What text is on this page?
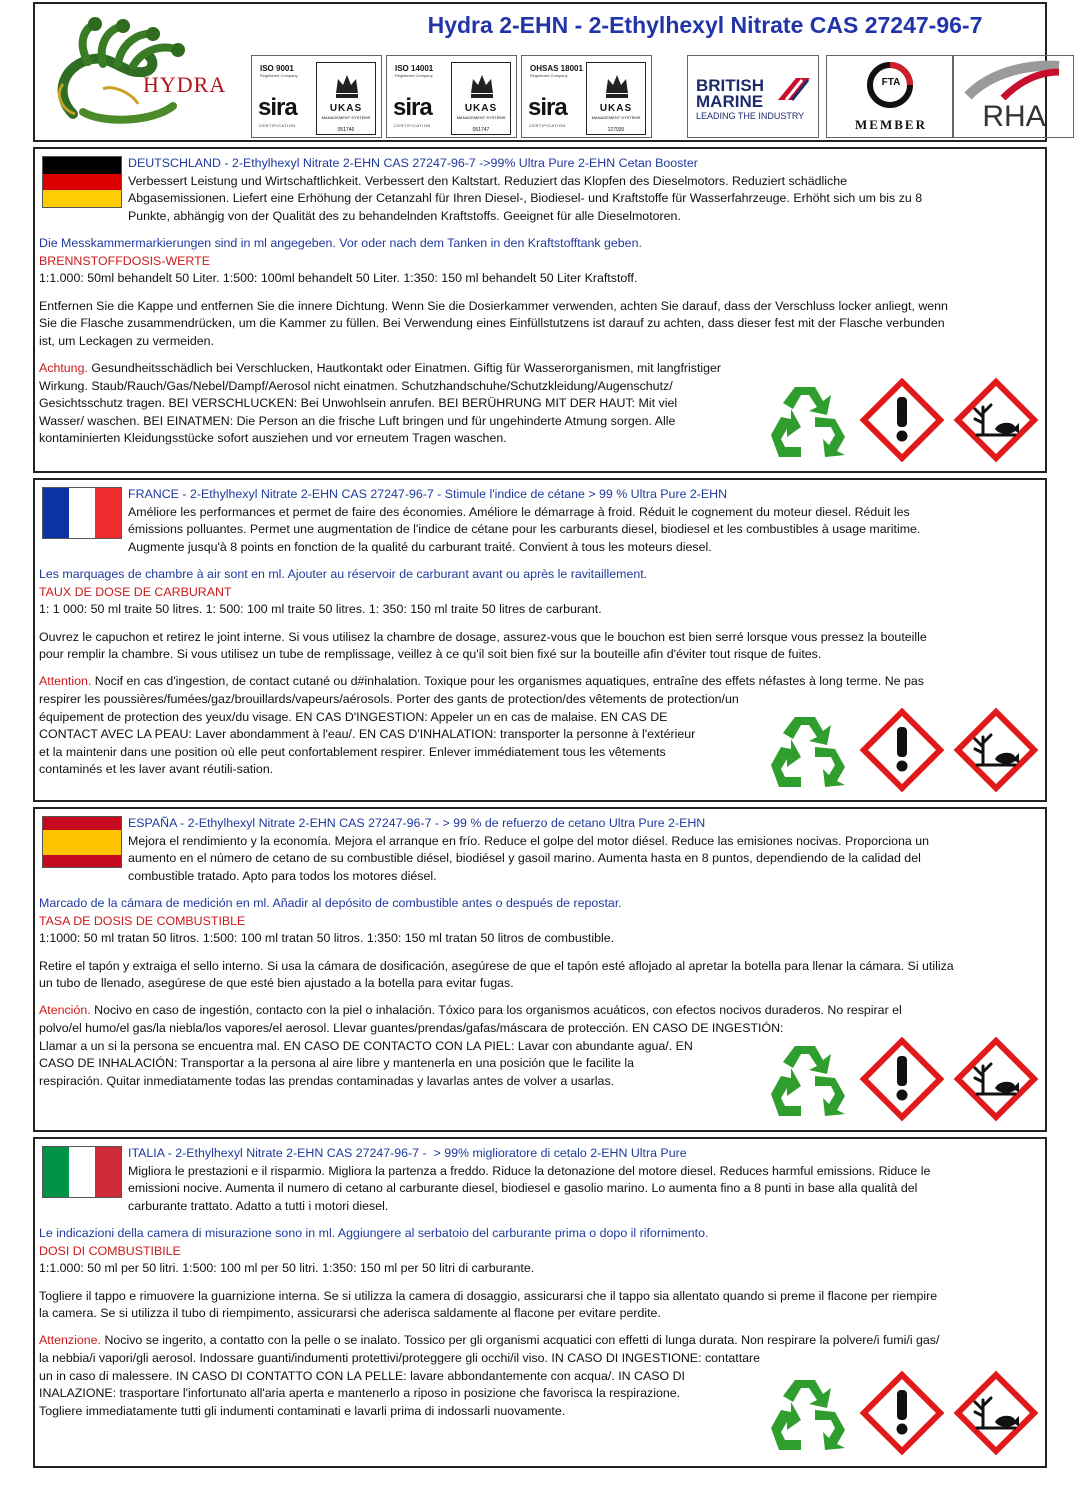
HYDRA
Hydra 2-EHN - 2-Ethylhexyl Nitrate CAS 27247-96-7
ISO 9001
Registered Company
sira
CERTIFICATION
UKAS
MANAGEMENT SYSTEMS
051746
ISO 14001
Registered Company
sira
CERTIFICATION
UKAS
MANAGEMENT SYSTEMS
051747
OHSAS 18001
Registered Company
sira
CERTIFICATION
UKAS
MANAGEMENT SYSTEMS
127930
BRITISH
MARINE
LEADING THE INDUSTRY
FTA
MEMBER	RHA
DEUTSCHLAND - 2-Ethylhexyl Nitrate 2-EHN CAS 27247-96-7 ->99% Ultra Pure 2-EHN Cetan Booster
Verbessert Leistung und Wirtschaftlichkeit. Verbessert den Kaltstart. Reduziert das Klopfen des Dieselmotors. Reduziert schädliche
Abgasemissionen. Liefert eine Erhöhung der Cetanzahl für Ihren Diesel-, Biodiesel- und Kraftstoffe für Wasserfahrzeuge. Erhöht sich um bis zu 8
Punkte, abhängig von der Qualität des zu behandelnden Kraftstoffs. Geeignet für alle Dieselmotoren.
Die Messkammermarkierungen sind in ml angegeben. Vor oder nach dem Tanken in den Kraftstofftank geben.
BRENNSTOFFDOSIS-WERTE
1:1.000: 50ml behandelt 50 Liter. 1:500: 100ml behandelt 50 Liter. 1:350: 150 ml behandelt 50 Liter Kraftstoff.
Entfernen Sie die Kappe und entfernen Sie die innere Dichtung. Wenn Sie die Dosierkammer verwenden, achten Sie darauf, dass der Verschluss locker anliegt, wenn
Sie die Flasche zusammendrücken, um die Kammer zu füllen. Bei Verwendung eines Einfüllstutzens ist darauf zu achten, dass dieser fest mit der Flasche verbunden
ist, um Leckagen zu vermeiden.
Achtung. Gesundheitsschädlich bei Verschlucken, Hautkontakt oder Einatmen. Giftig für Wasserorganismen, mit langfristiger
Wirkung. Staub/Rauch/Gas/Nebel/Dampf/Aerosol nicht einatmen. Schutzhandschuhe/Schutzkleidung/Augenschutz/
Gesichtsschutz tragen. BEI VERSCHLUCKEN: Bei Unwohlsein anrufen. BEI BERÜHRUNG MIT DER HAUT: Mit viel
Wasser/ waschen. BEI EINATMEN: Die Person an die frische Luft bringen und für ungehinderte Atmung sorgen. Alle
kontaminierten Kleidungsstücke sofort ausziehen und vor erneutem Tragen waschen.
FRANCE - 2-Ethylhexyl Nitrate 2-EHN CAS 27247-96-7 - Stimule l'indice de cétane > 99 % Ultra Pure 2-EHN
Améliore les performances et permet de faire des économies. Améliore le démarrage à froid. Réduit le cognement du moteur diesel. Réduit les
émissions polluantes. Permet une augmentation de l'indice de cétane pour les carburants diesel, biodiesel et les combustibles à usage maritime.
Augmente jusqu'à 8 points en fonction de la qualité du carburant traité. Convient à tous les moteurs diesel.
Les marquages de chambre à air sont en ml. Ajouter au réservoir de carburant avant ou après le ravitaillement.
TAUX DE DOSE DE CARBURANT
1: 1 000: 50 ml traite 50 litres. 1: 500: 100 ml traite 50 litres. 1: 350: 150 ml traite 50 litres de carburant.
Ouvrez le capuchon et retirez le joint interne. Si vous utilisez la chambre de dosage, assurez-vous que le bouchon est bien serré lorsque vous pressez la bouteille
pour remplir la chambre. Si vous utilisez un tube de remplissage, veillez à ce qu'il soit bien fixé sur la bouteille afin d'éviter tout risque de fuites.
Attention. Nocif en cas d'ingestion, de contact cutané ou d#inhalation. Toxique pour les organismes aquatiques, entraîne des effets néfastes à long terme. Ne pas
respirer les poussières/fumées/gaz/brouillards/vapeurs/aérosols. Porter des gants de protection/des vêtements de protection/un
équipement de protection des yeux/du visage. EN CAS D'INGESTION: Appeler un en cas de malaise. EN CAS DE
CONTACT AVEC LA PEAU: Laver abondamment à l'eau/. EN CAS D'INHALATION: transporter la personne à l'extérieur
et la maintenir dans une position où elle peut confortablement respirer. Enlever immédiatement tous les vêtements
contaminés et les laver avant réutili-sation.
ESPAÑA - 2-Ethylhexyl Nitrate 2-EHN CAS 27247-96-7 - > 99 % de refuerzo de cetano Ultra Pure 2-EHN
Mejora el rendimiento y la economía. Mejora el arranque en frío. Reduce el golpe del motor diésel. Reduce las emisiones nocivas. Proporciona un
aumento en el número de cetano de su combustible diésel, biodiésel y gasoil marino. Aumenta hasta en 8 puntos, dependiendo de la calidad del
combustible tratado. Apto para todos los motores diésel.
Marcado de la cámara de medición en ml. Añadir al depósito de combustible antes o después de repostar.
TASA DE DOSIS DE COMBUSTIBLE
1:1000: 50 ml tratan 50 litros. 1:500: 100 ml tratan 50 litros. 1:350: 150 ml tratan 50 litros de combustible.
Retire el tapón y extraiga el sello interno. Si usa la cámara de dosificación, asegúrese de que el tapón esté aflojado al apretar la botella para llenar la cámara. Si utiliza
un tubo de llenado, asegúrese de que esté bien ajustado a la botella para evitar fugas.
Atención. Nocivo en caso de ingestión, contacto con la piel o inhalación. Tóxico para los organismos acuáticos, con efectos nocivos duraderos. No respirar el
polvo/el humo/el gas/la niebla/los vapores/el aerosol. Llevar guantes/prendas/gafas/máscara de protección. EN CASO DE INGESTIÓN:
Llamar a un si la persona se encuentra mal. EN CASO DE CONTACTO CON LA PIEL: Lavar con abundante agua/. EN
CASO DE INHALACIÓN: Transportar a la persona al aire libre y mantenerla en una posición que le facilite la
respiración. Quitar inmediatamente todas las prendas contaminadas y lavarlas antes de volver a usarlas.
ITALIA - 2-Ethylhexyl Nitrate 2-EHN CAS 27247-96-7 -  > 99% miglioratore di cetalo 2-EHN Ultra Pure
Migliora le prestazioni e il risparmio. Migliora la partenza a freddo. Riduce la detonazione del motore diesel. Reduces harmful emissions. Riduce le
emissioni nocive. Aumenta il numero di cetano al carburante diesel, biodiesel e gasolio marino. Lo aumenta fino a 8 punti in base alla qualità del
carburante trattato. Adatto a tutti i motori diesel.
Le indicazioni della camera di misurazione sono in ml. Aggiungere al serbatoio del carburante prima o dopo il rifornimento.
DOSI DI COMBUSTIBILE
1:1.000: 50 ml per 50 litri. 1:500: 100 ml per 50 litri. 1:350: 150 ml per 50 litri di carburante.
Togliere il tappo e rimuovere la guarnizione interna. Se si utilizza la camera di dosaggio, assicurarsi che il tappo sia allentato quando si preme il flacone per riempire
la camera. Se si utilizza il tubo di riempimento, assicurarsi che aderisca saldamente al flacone per evitare perdite.
Attenzione. Nocivo se ingerito, a contatto con la pelle o se inalato. Tossico per gli organismi acquatici con effetti di lunga durata. Non respirare la polvere/i fumi/i gas/
la nebbia/i vapori/gli aerosol. Indossare guanti/indumenti protettivi/proteggere gli occhi/il viso. IN CASO DI INGESTIONE: contattare
un in caso di malessere. IN CASO DI CONTATTO CON LA PELLE: lavare abbondantemente con acqua/. IN CASO DI
INALAZIONE: trasportare l'infortunato all'aria aperta e mantenerlo a riposo in posizione che favorisca la respirazione.
Togliere immediatamente tutti gli indumenti contaminati e lavarli prima di indossarli nuovamente.
